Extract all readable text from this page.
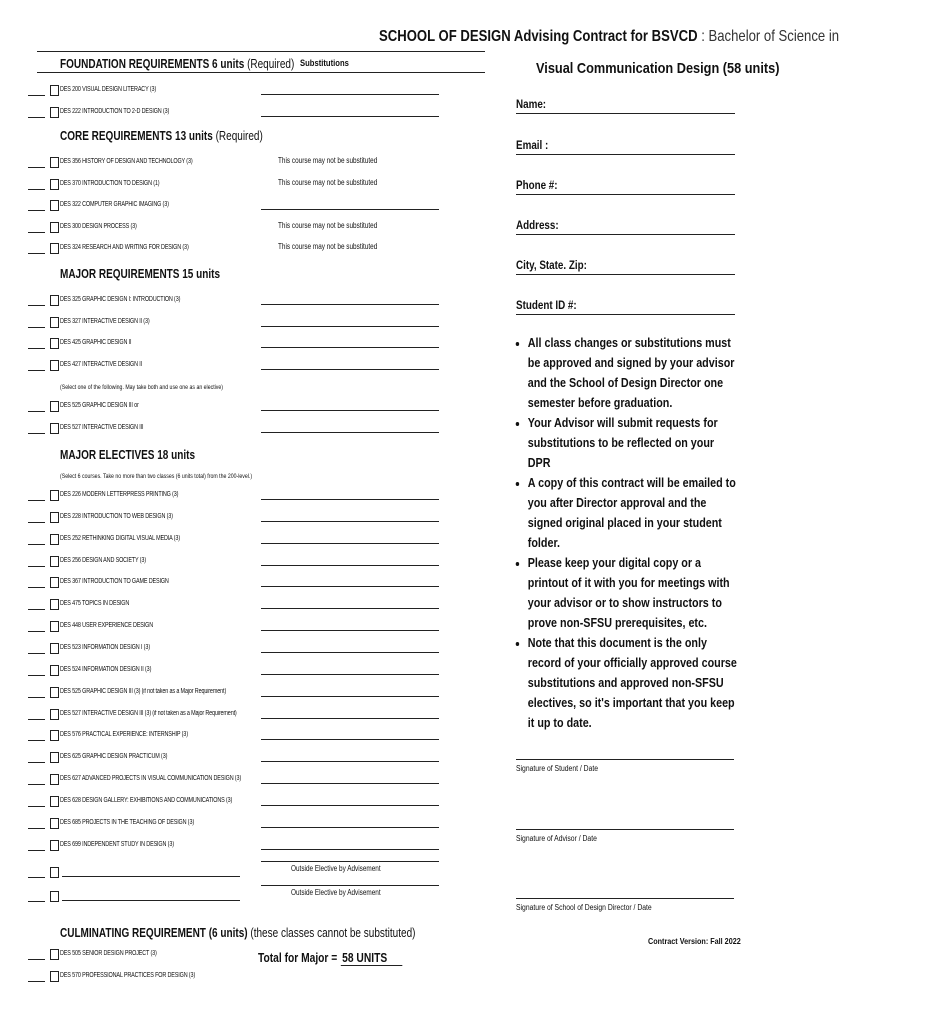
SCHOOL OF DESIGN Advising Contract for BSVCD : Bachelor of Science in
Visual Communication Design (58 units)
Substitutions
FOUNDATION REQUIREMENTS 6 units (Required)
DES 200 VISUAL DESIGN LITERACY (3)
DES 222 INTRODUCTION TO 2-D DESIGN (3)
CORE REQUIREMENTS 13 units (Required)
DES 356 HISTORY OF DESIGN AND TECHNOLOGY (3)	This course may not be substituted
DES 370 INTRODUCTION TO DESIGN (1)	This course may not be substituted
DES 322 COMPUTER GRAPHIC IMAGING (3)
DES 300 DESIGN PROCESS (3)	This course may not be substituted
DES 324 RESEARCH AND WRITING FOR DESIGN (3)	This course may not be substituted
MAJOR REQUIREMENTS 15 units
DES 325 GRAPHIC DESIGN I: INTRODUCTION (3)
DES 327 INTERACTIVE DESIGN II (3)
DES 425 GRAPHIC DESIGN II
DES 427 INTERACTIVE DESIGN II
DES 525 GRAPHIC DESIGN III or
DES 527 INTERACTIVE DESIGN III
(Select one of the following. May take both and use one as an elective)
MAJOR ELECTIVES 18 units
(Select 6 courses. Take no more than two classes (6 units total) from the 200-level.)
DES 226 MODERN LETTERPRESS PRINTING (3)
DES 228 INTRODUCTION TO WEB DESIGN (3)
DES 252 RETHINKING DIGITAL VISUAL MEDIA (3)
DES 256 DESIGN AND SOCIETY (3)
DES 367 INTRODUCTION TO GAME DESIGN
DES 475 TOPICS IN DESIGN
DES 448 USER EXPERIENCE DESIGN
DES 523 INFORMATION DESIGN I (3)
DES 524 INFORMATION DESIGN II (3)
DES 525 GRAPHIC DESIGN III (3) (if not taken as a Major Requirement)
DES 527 INTERACTIVE DESIGN III (3) (if not taken as a Major Requirement)
DES 576 PRACTICAL EXPERIENCE: INTERNSHIP (3)
DES 625 GRAPHIC DESIGN PRACTICUM (3)
DES 627 ADVANCED PROJECTS IN VISUAL COMMUNICATION DESIGN (3)
DES 628 DESIGN GALLERY: EXHIBITIONS AND COMMUNICATIONS (3)
DES 685 PROJECTS IN THE TEACHING OF DESIGN (3)
DES 699 INDEPENDENT STUDY IN DESIGN (3)
Outside Elective by Advisement
Outside Elective by Advisement
CULMINATING REQUIREMENT (6 units) (these classes cannot be substituted)
DES 505 SENIOR DESIGN PROJECT (3)
DES 570 PROFESSIONAL PRACTICES FOR DESIGN (3)
Total for Major = 58 UNITS
Name:
Email :
Phone #:
Address:
City, State. Zip:
Student ID #:
• All class changes or substitutions must be approved and signed by your advisor and the School of Design Director one semester before graduation.
• Your Advisor will submit requests for substitutions to be reflected on your DPR
• A copy of this contract will be emailed to you after Director approval and the signed original placed in your student folder.
• Please keep your digital copy or a printout of it with you for meetings with your advisor or to show instructors to prove non-SFSU prerequisites, etc.
• Note that this document is the only record of your officially approved course substitutions and approved non-SFSU electives, so it's important that you keep it up to date.
Signature of Student / Date
Signature of Advisor / Date
Signature of School of Design Director / Date
Contract Version: Fall 2022
